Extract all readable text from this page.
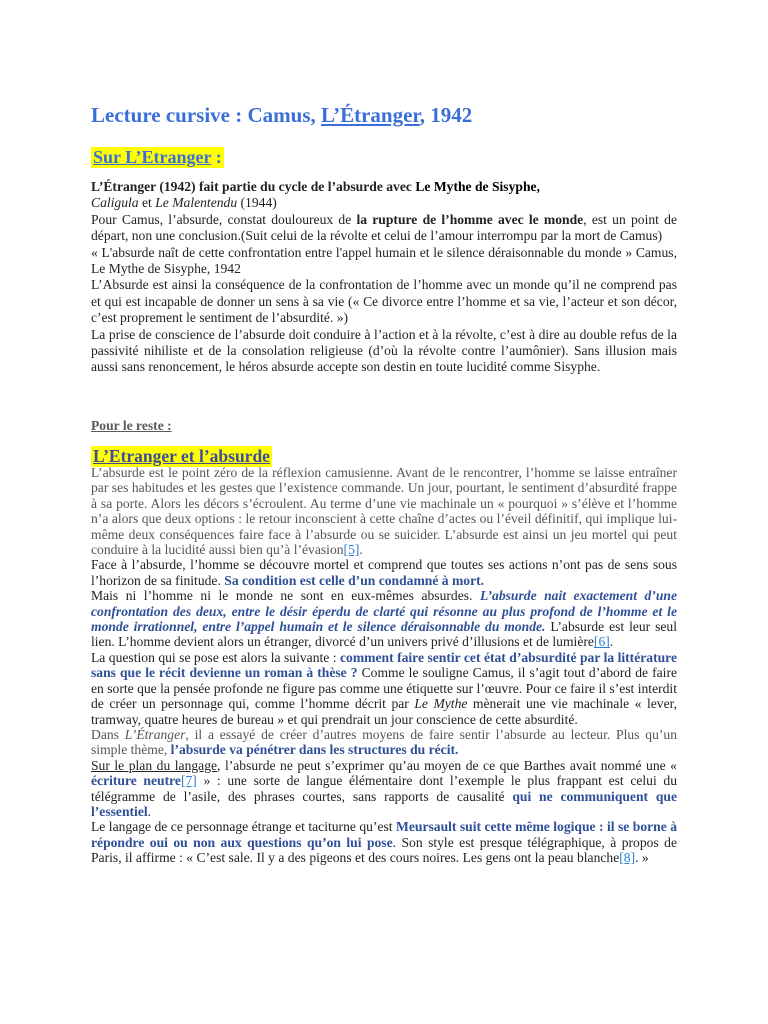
Lecture cursive : Camus, L’Étranger, 1942
Sur L’Etranger :

L’Étranger (1942) fait partie du cycle de l’absurde avec Le Mythe de Sisyphe,

Caligula et Le Malentendu (1944)

Pour Camus, l’absurde, constat douloureux de la rupture de l’homme avec le monde, est un point de départ, non une conclusion.(Suit celui de la révolte et celui de l’amour interrompu par la mort de Camus)

« L'absurde naît de cette confrontation entre l'appel humain et le silence déraisonnable du monde » Camus, Le Mythe de Sisyphe, 1942

L’Absurde est ainsi la conséquence de la confrontation de l’homme avec un monde qu’il ne comprend pas et qui est incapable de donner un sens à sa vie (« Ce divorce entre l’homme et sa vie, l’acteur et son décor, c’est proprement le sentiment de l’absurdité. »)

La prise de conscience de l’absurde doit conduire à l’action et à la révolte, c’est à dire au double refus de la passivité nihiliste et de la consolation religieuse (d’où la révolte contre l’aumônier). Sans illusion mais aussi sans renoncement, le héros absurde accepte son destin en toute lucidité comme Sisyphe.

Pour le reste :
L’Etranger et l’absurde

L’absurde est le point zéro de la réflexion camusienne. Avant de le rencontrer, l’homme se laisse entraîner par ses habitudes et les gestes que l’existence commande. Un jour, pourtant, le sentiment d’absurdité frappe à sa porte. Alors les décors s’écroulent. Au terme d’une vie machinale un « pourquoi » s’élève et l’homme n’a alors que deux options : le retour inconscient à cette chaîne d’actes ou l’éveil définitif, qui implique lui-même deux conséquences faire face à l’absurde ou se suicider. L’absurde est ainsi un jeu mortel qui peut conduire à la lucidité aussi bien qu’à l’évasion[5].

Face à l’absurde, l’homme se découvre mortel et comprend que toutes ses actions n’ont pas de sens sous l’horizon de sa finitude. Sa condition est celle d’un condamné à mort.

Mais ni l’homme ni le monde ne sont en eux-mêmes absurdes. L’absurde nait exactement d’une confrontation des deux, entre le désir éperdu de clarté qui résonne au plus profond de l’homme et le monde irrationnel, entre l’appel humain et le silence déraisonnable du monde. L’absurde est leur seul lien. L’homme devient alors un étranger, divorcé d’un univers privé d’illusions et de lumière[6].

La question qui se pose est alors la suivante : comment faire sentir cet état d’absurdité par la littérature sans que le récit devienne un roman à thèse ? Comme le souligne Camus, il s’agit tout d’abord de faire en sorte que la pensée profonde ne figure pas comme une étiquette sur l’œuvre. Pour ce faire il s’est interdit de créer un personnage qui, comme l’homme décrit par Le Mythe mènerait une vie machinale « lever, tramway, quatre heures de bureau » et qui prendrait un jour conscience de cette absurdité.

Dans L’Étranger, il a essayé de créer d’autres moyens de faire sentir l’absurde au lecteur. Plus qu’un simple thème, l’absurde va pénétrer dans les structures du récit.

Sur le plan du langage, l’absurde ne peut s’exprimer qu’au moyen de ce que Barthes avait nommé une « écriture neutre[7] » : une sorte de langue élémentaire dont l’exemple le plus frappant est celui du télégramme de l’asile, des phrases courtes, sans rapports de causalité qui ne communiquent que l’essentiel.

Le langage de ce personnage étrange et taciturne qu’est Meursault suit cette même logique : il se borne à répondre oui ou non aux questions qu’on lui pose. Son style est presque télégraphique, à propos de Paris, il affirme : « C’est sale. Il y a des pigeons et des cours noires. Les gens ont la peau blanche[8]. »
